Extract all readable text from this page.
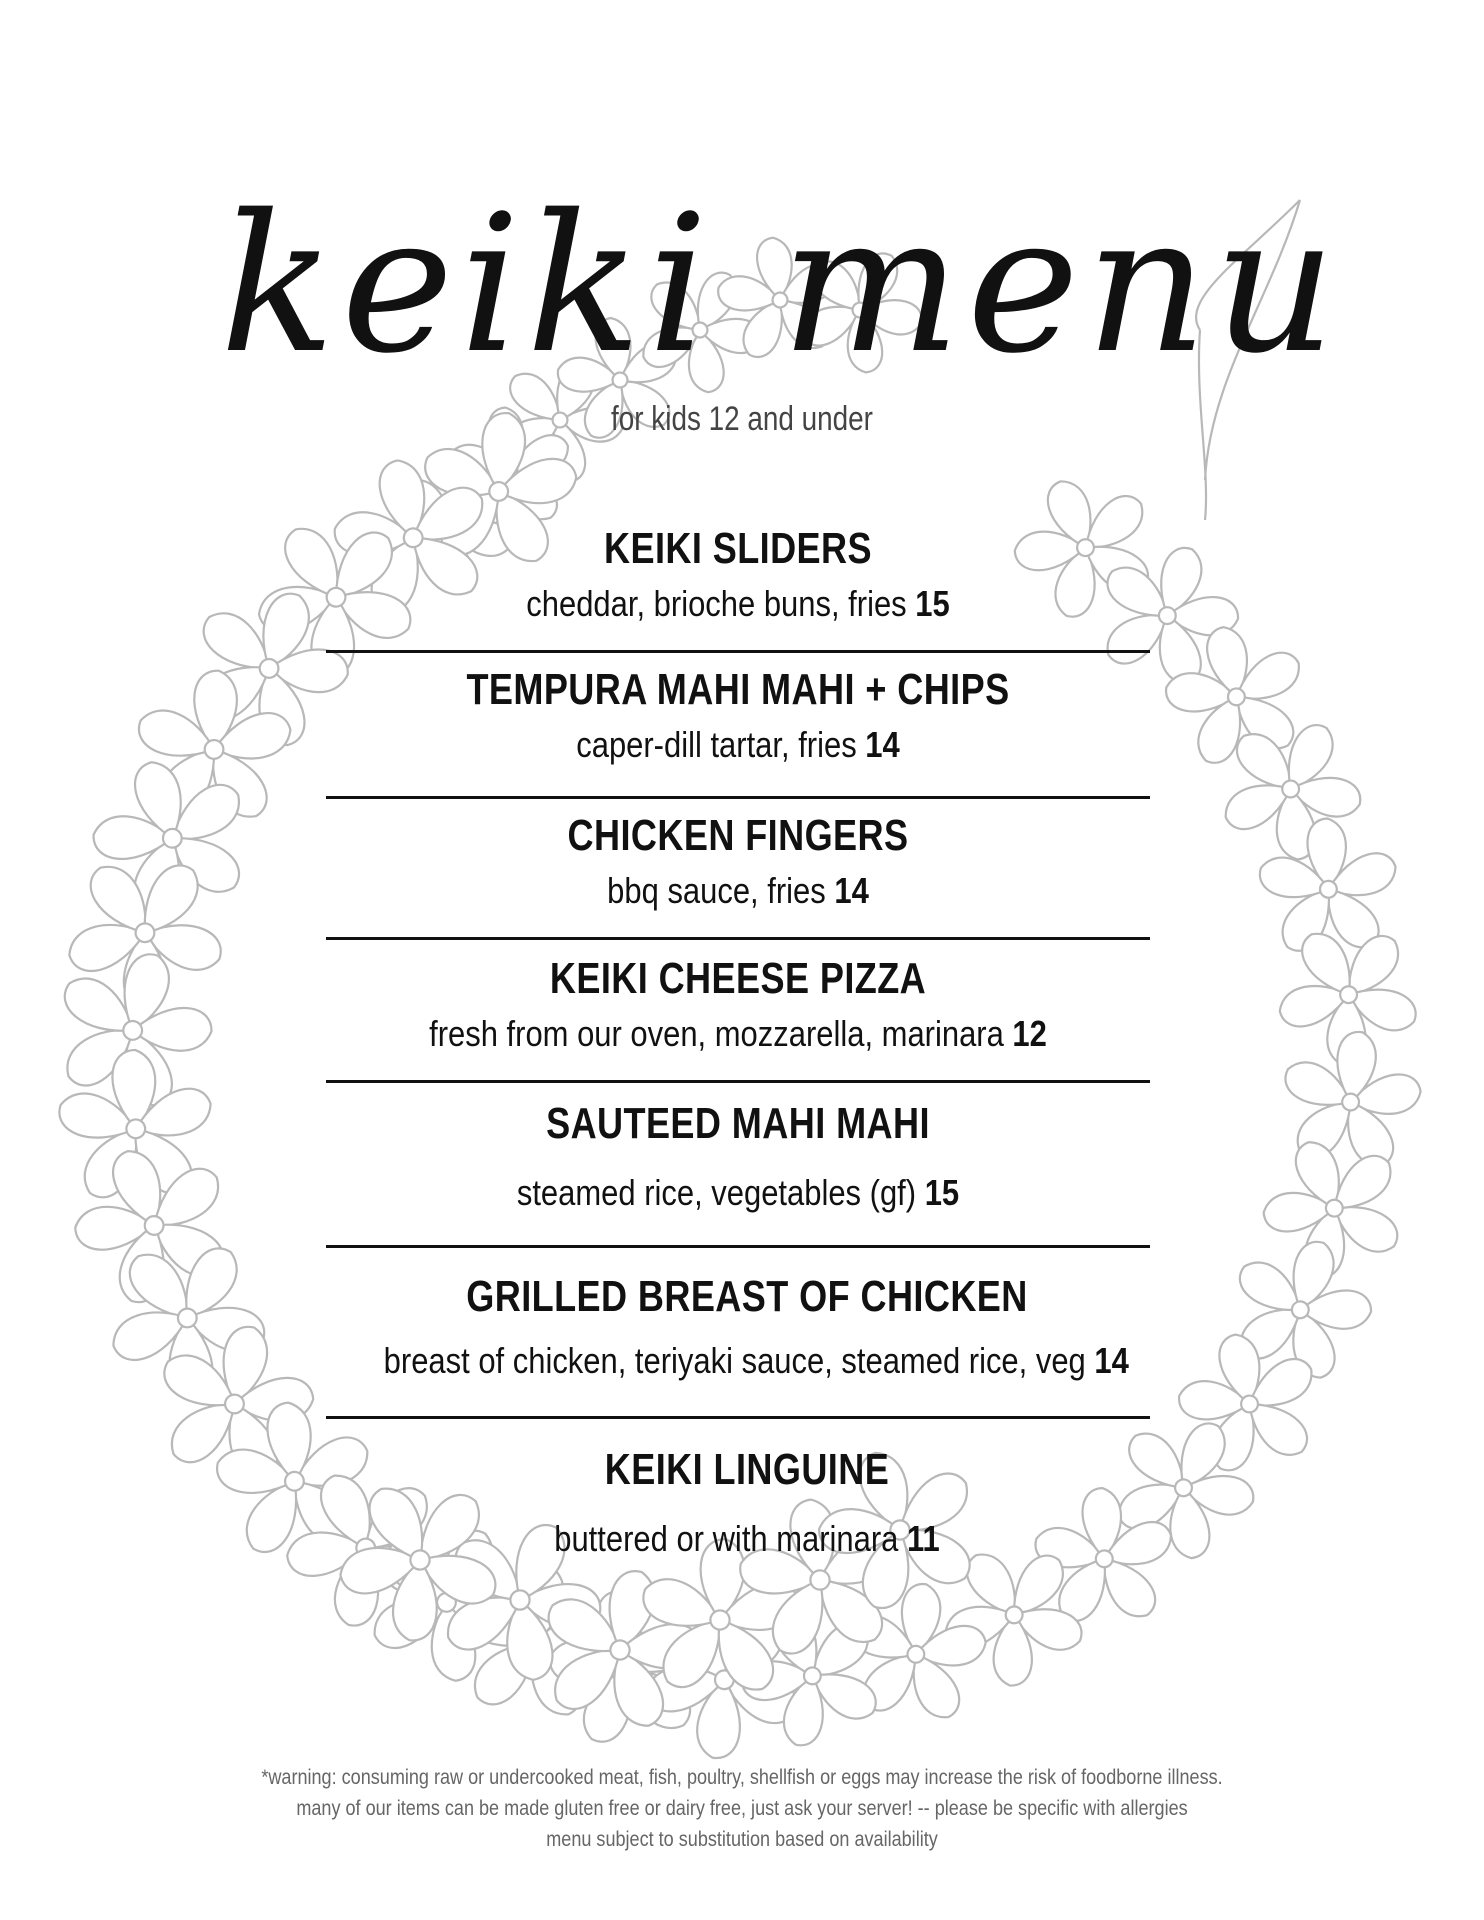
keiki menu
for kids 12 and under
KEIKI SLIDERS
cheddar, brioche buns, fries 15
TEMPURA MAHI MAHI + CHIPS
caper-dill tartar, fries 14
CHICKEN FINGERS
bbq sauce, fries 14
KEIKI CHEESE PIZZA
fresh from our oven, mozzarella, marinara 12
SAUTEED MAHI MAHI
steamed rice, vegetables (gf) 15
GRILLED BREAST OF CHICKEN
breast of chicken, teriyaki sauce, steamed rice, veg 14
KEIKI LINGUINE
buttered or with marinara 11
*warning: consuming raw or undercooked meat, fish, poultry, shellfish or eggs may increase the risk of foodborne illness.
many of our items can be made gluten free or dairy free, just ask your server! -- please be specific with allergies
menu subject to substitution based on availability
